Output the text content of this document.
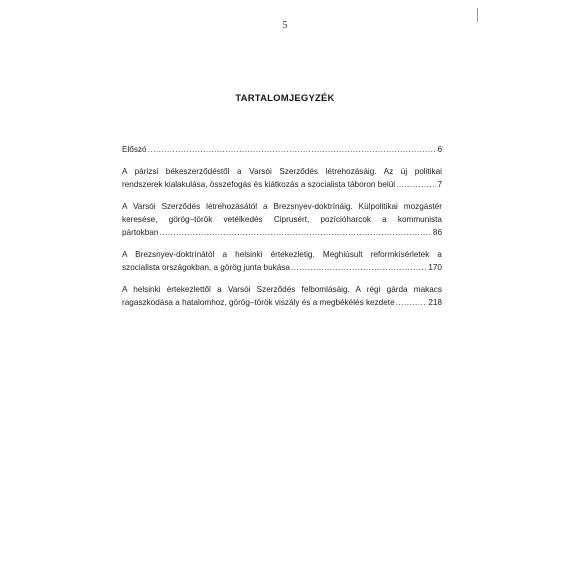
5
TARTALOMJEGYZÉK
Előszó .....	6
A párizsi békeszerződéstől a Varsói Szerződés létrehozásáig. Az új politikai
rendszerek kialakulása, összefogás és kiátkozás a szocialista táboron belül .....	7
A Varsói Szerződés létrehozásától a Brezsnyev-doktrínáig. Külpolitikai mozgástér
keresése, görög–török vetélkedés Ciprusért, pozícióharcok a kommunista
pártokban .....	86
A Brezsnyev-doktrínától a helsinki értekezletig. Meghiúsult reformkísérletek a
szocialista országokban, a görög junta bukása .....	170
A helsinki értekezlettől a Varsói Szerződés felbomlásáig. A régi gárda makacs
ragaszkodása a hatalomhoz, görög–török viszály és a megbékélés kezdete .....	218
